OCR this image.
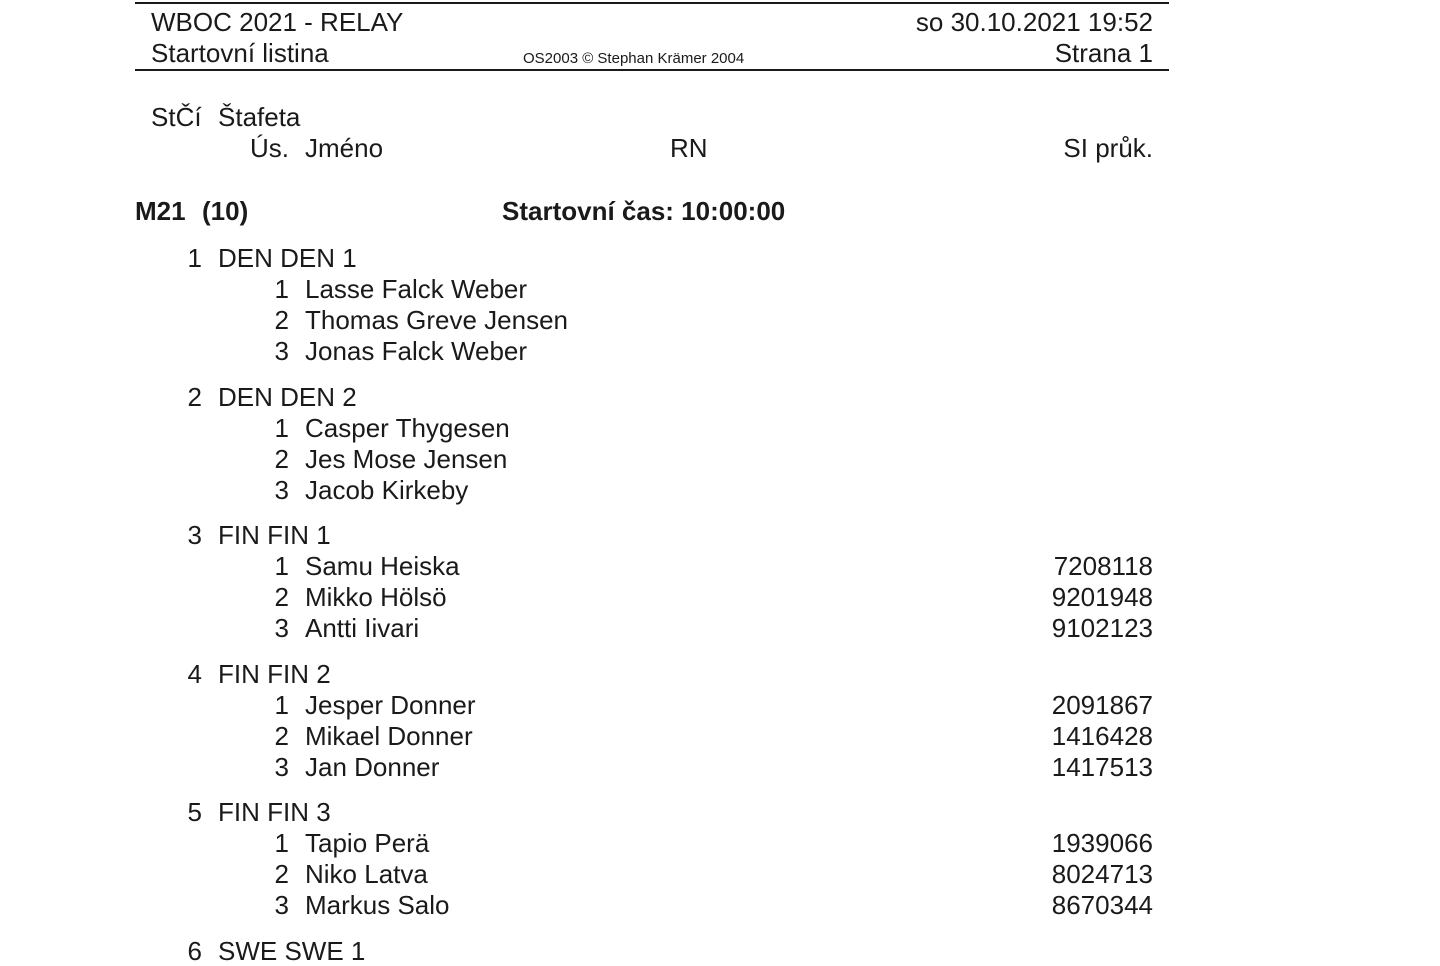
WBOC 2021 - RELAY	so 30.10.2021 19:52
Startovní listina	OS2003 © Stephan Krämer 2004	Strana 1
StČí Štafeta
Ús. Jméno	RN	SI průk.
M21 (10)	Startovní čas: 10:00:00
1 DEN DEN 1
1 Lasse Falck Weber
2 Thomas Greve Jensen
3 Jonas Falck Weber
2 DEN DEN 2
1 Casper Thygesen
2 Jes Mose Jensen
3 Jacob Kirkeby
3 FIN FIN 1
1 Samu Heiska	7208118
2 Mikko Hölsö	9201948
3 Antti Iivari	9102123
4 FIN FIN 2
1 Jesper Donner	2091867
2 Mikael Donner	1416428
3 Jan Donner	1417513
5 FIN FIN 3
1 Tapio Perä	1939066
2 Niko Latva	8024713
3 Markus Salo	8670344
6 SWE SWE 1
